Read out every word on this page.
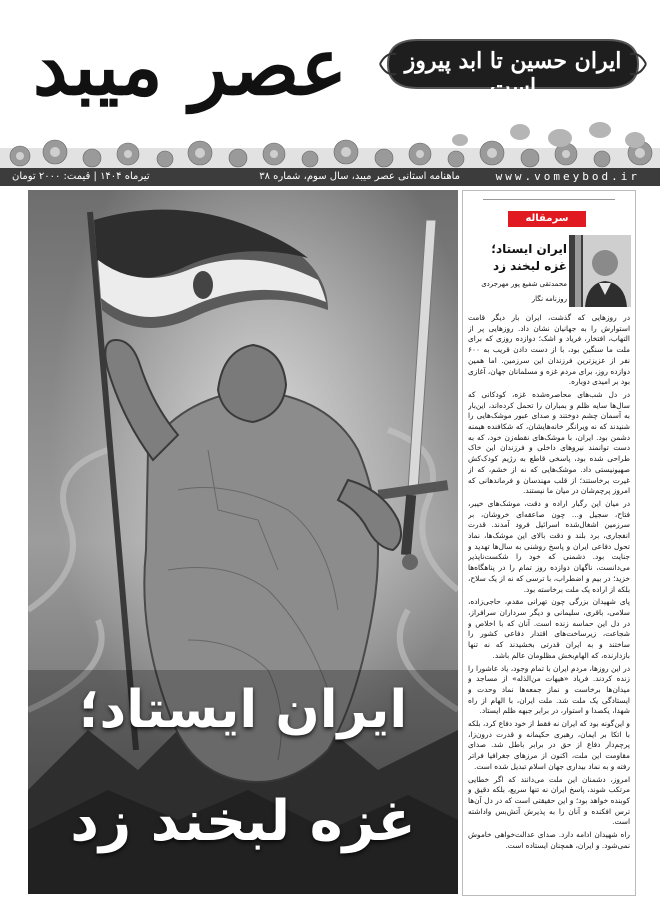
عصر میبد	ایران حسین تا ابد پیروز است
www.vomeybod.ir
ماهنامه استانی عصر میبد، سال سوم، شماره ۳۸
تیرماه ۱۴۰۴ | قیمت: ۲۰۰۰ تومان
ایران ایستاد؛
غزه لبخند زد
سرمقاله
ایران ایستاد؛ غزه لبخند زد
محمدتقی شفیع پور مهرجردی
روزنامه نگار

در روزهایی که گذشت، ایران بار دیگر قامت استوارش را به جهانیان نشان داد. روزهایی پر از التهاب، افتخار، فریاد و اشک؛ دوازده روزی که برای ملت ما سنگین بود، با از دست دادن قریب به ۶۰۰ نفر از عزیزترین فرزندان این سرزمین. اما همین دوازده روز، برای مردم غزه و مسلمانان جهان، آغازی بود بر امیدی دوباره.

در دل شب‌های محاصره‌شده غزه، کودکانی که سال‌ها سایه ظلم و بمباران را تحمل کرده‌اند، این‌بار به آسمان چشم دوختند و صدای عبور موشک‌هایی را شنیدند که نه ویرانگر خانه‌هایشان، که شکافنده هیمنه دشمن بود. ایران، با موشک‌های نقطه‌زن خود، که به دست توانمند نیروهای داخلی و فرزندان این خاک طراحی شده بود، پاسخی قاطع به رژیم کودک‌کش صهیونیستی داد. موشک‌هایی که نه از خشم، که از غیرت برخاستند؛ از قلب مهندسان و فرماندهانی که امروز پرچم‌شان در میان ما نیستند.

در میان این رگبار اراده و دقت، موشک‌های خیبر، فتاح، سجیل و... چون صاعقه‌ای خروشان، بر سرزمین اشغال‌شده اسرائیل فرود آمدند. قدرت انفجاری، برد بلند و دقت بالای این موشک‌ها، نماد تحول دفاعی ایران و پاسخ روشنی به سال‌ها تهدید و جنایت بود. دشمنی که خود را شکست‌ناپذیر می‌دانست، ناگهان دوازده روز تمام را در پناهگاه‌ها خزید؛ در بیم و اضطراب، با ترسی که نه از یک سلاح، بلکه از اراده یک ملت برخاسته بود.

پای شهیدان بزرگی چون تهرانی مقدم، حاجی‌زاده، سلامی، باقری، سلیمانی و دیگر سرداران سرافراز، در دل این حماسه زنده است. آنان که با اخلاص و شجاعت، زیرساخت‌های اقتدار دفاعی کشور را ساختند و به ایران قدرتی بخشیدند که نه تنها بازدارنده، که الهام‌بخش مظلومان عالم باشد.

در این روزها، مردم ایران با تمام وجود، یاد عاشورا را زنده کردند. فریاد «هیهات من‌الذله» از مساجد و میدان‌ها برخاست و نماز جمعه‌ها نماد وحدت و ایستادگی یک ملت شد. ملت ایران، با الهام از راه شهدا، یکصدا و استوار، در برابر جبهه ظلم ایستاد.

و این‌گونه بود که ایران نه فقط از خود دفاع کرد، بلکه با اتکا بر ایمان، رهبری حکیمانه و قدرت درون‌زا، پرچم‌دار دفاع از حق در برابر باطل شد. صدای مقاومت این ملت، اکنون از مرزهای جغرافیا فراتر رفته و به نماد بیداری جهان اسلام تبدیل شده است.

امروز، دشمنان این ملت می‌دانند که اگر خطایی مرتکب شوند، پاسخ ایران نه تنها سریع، بلکه دقیق و کوبنده خواهد بود؛ و این حقیقتی است که در دل آن‌ها ترس افکنده و آنان را به پذیرش آتش‌بس واداشته است.

راه شهیدان ادامه دارد. صدای عدالت‌خواهی خاموش نمی‌شود. و ایران، همچنان ایستاده است.
